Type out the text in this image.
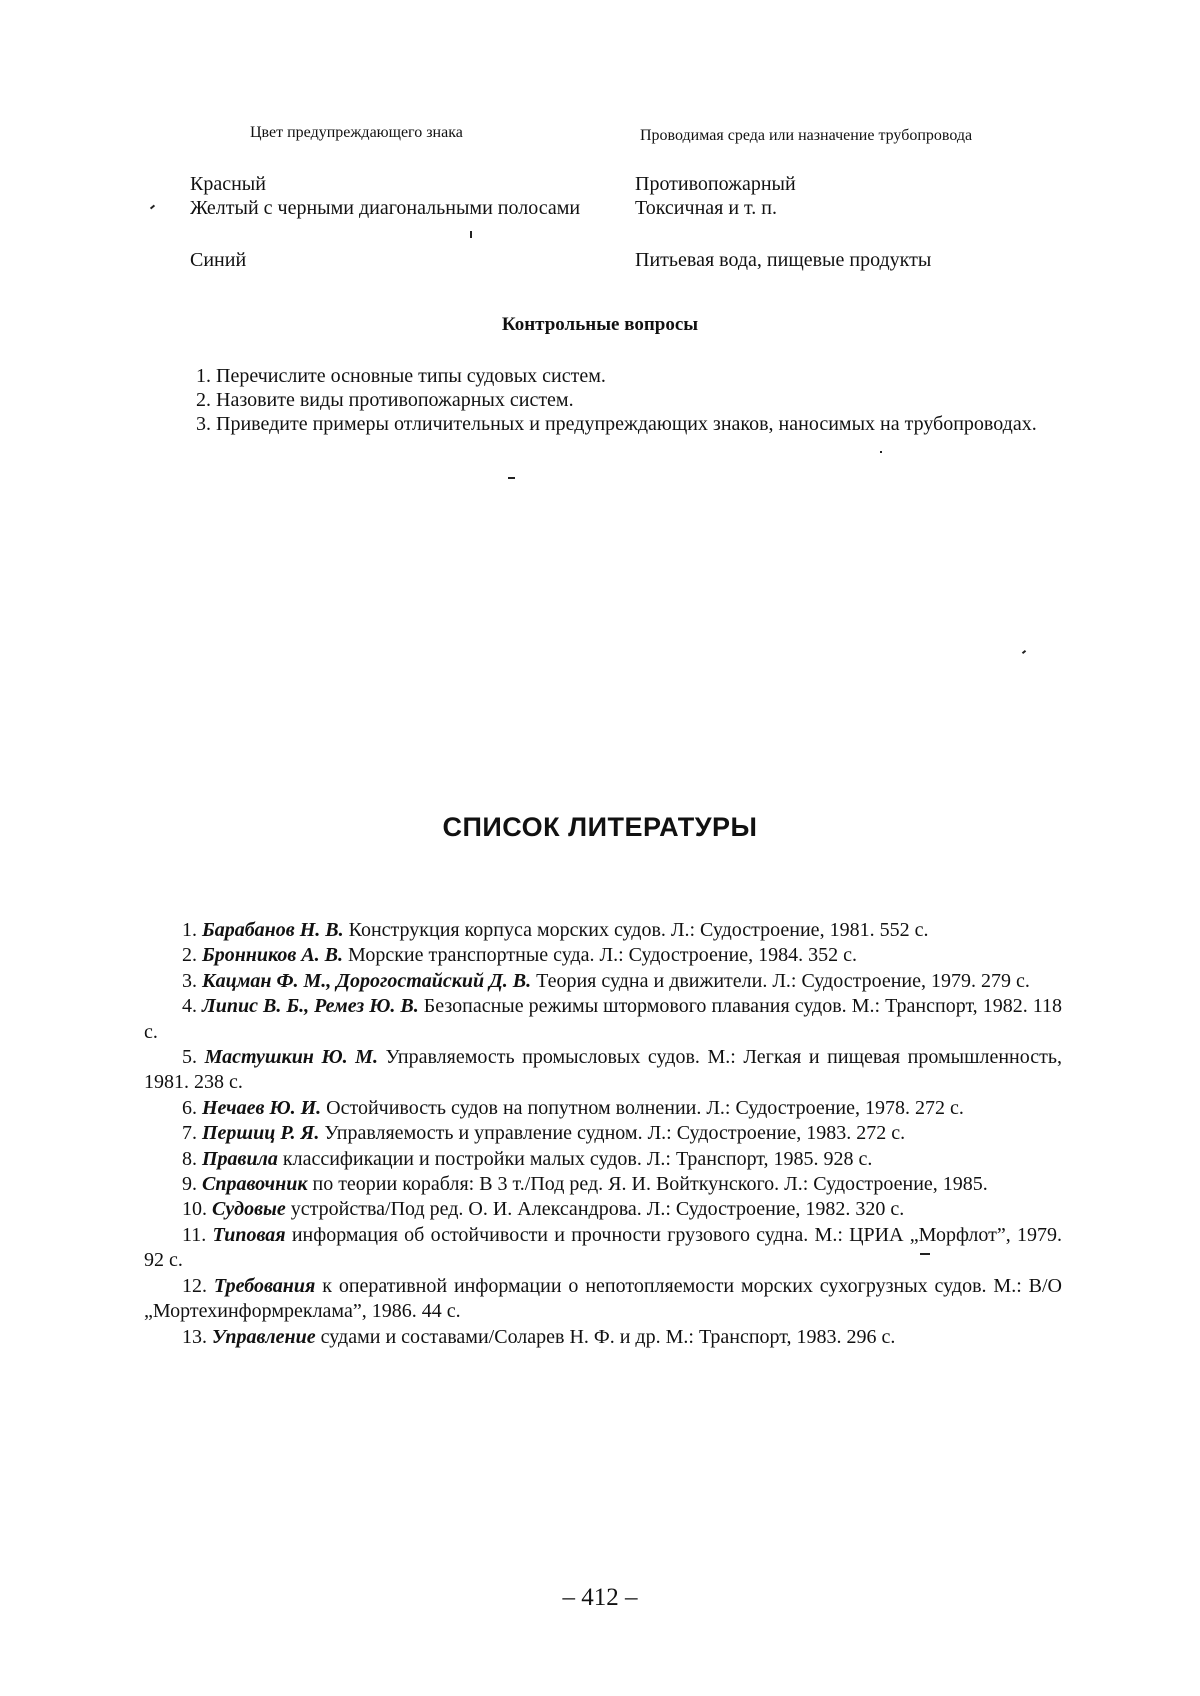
Цвет предупреждающего знака	Проводимая среда или назначение трубопровода
Красный	Противопожарный
Желтый с черными диагональными полосами	Токсичная и т. п.
Синий	Питьевая вода, пищевые продукты
Контрольные вопросы

1. Перечислите основные типы судовых систем.

2. Назовите виды противопожарных систем.

3. Приведите примеры отличительных и предупреждающих знаков, наносимых на трубопроводах.

СПИСОК ЛИТЕРАТУРЫ

1. Барабанов Н. В. Конструкция корпуса морских судов. Л.: Судостроение, 1981. 552 с.

2. Бронников А. В. Морские транспортные суда. Л.: Судостроение, 1984. 352 с.

3. Кацман Ф. М., Дорогостайский Д. В. Теория судна и движители. Л.: Судостроение, 1979. 279 с.

4. Липис В. Б., Ремез Ю. В. Безопасные режимы штормового плавания судов. М.: Транспорт, 1982. 118 с.

5. Мастушкин Ю. М. Управляемость промысловых судов. М.: Легкая и пищевая промышленность, 1981. 238 с.

6. Нечаев Ю. И. Остойчивость судов на попутном волнении. Л.: Судостроение, 1978. 272 с.

7. Першиц Р. Я. Управляемость и управление судном. Л.: Судостроение, 1983. 272 с.

8. Правила классификации и постройки малых судов. Л.: Транспорт, 1985. 928 с.

9. Справочник по теории корабля: В 3 т./Под ред. Я. И. Войткунского. Л.: Судостроение, 1985.

10. Судовые устройства/Под ред. О. И. Александрова. Л.: Судостроение, 1982. 320 с.

11. Типовая информация об остойчивости и прочности грузового судна. М.: ЦРИА „Морфлот”, 1979. 92 с.

12. Требования к оперативной информации о непотопляемости морских сухогрузных судов. М.: В/О „Мортехинформреклама”, 1986. 44 с.

13. Управление судами и составами/Соларев Н. Ф. и др. М.: Транспорт, 1983. 296 с.

– 412 –
